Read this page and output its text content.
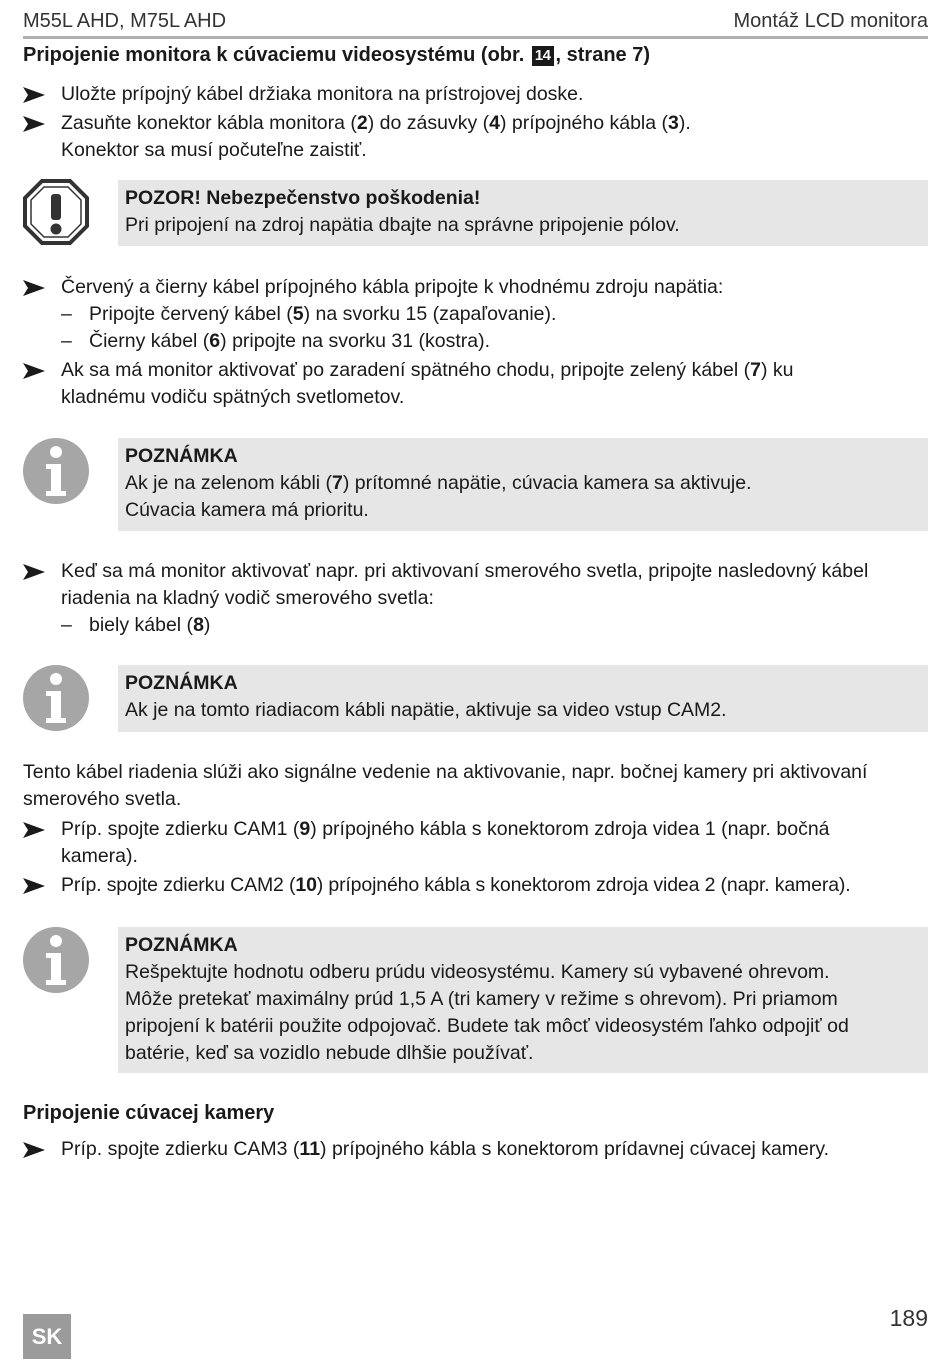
M55L AHD, M75L AHD	Montáž LCD monitora
Pripojenie monitora k cúvaciemu videosystému (obr. 14 , strane 7)
Uložte prípojný kábel držiaka monitora na prístrojovej doske.
Zasuňte konektor kábla monitora (2) do zásuvky (4) prípojného kábla (3).
Konektor sa musí počuteľne zaistiť.
POZOR! Nebezpečenstvo poškodenia!
Pri pripojení na zdroj napätia dbajte na správne pripojenie pólov.
Červený a čierny kábel prípojného kábla pripojte k vhodnému zdroju napätia:
– Pripojte červený kábel (5) na svorku 15 (zapaľovanie).
– Čierny kábel (6) pripojte na svorku 31 (kostra).
Ak sa má monitor aktivovať po zaradení spätného chodu, pripojte zelený kábel (7) ku
kladnému vodiču spätných svetlometov.
POZNÁMKA
Ak je na zelenom kábli (7) prítomné napätie, cúvacia kamera sa aktivuje.
Cúvacia kamera má prioritu.
Keď sa má monitor aktivovať napr. pri aktivovaní smerového svetla, pripojte nasledovný kábel
riadenia na kladný vodič smerového svetla:
– biely kábel (8)
POZNÁMKA
Ak je na tomto riadiacom kábli napätie, aktivuje sa video vstup CAM2.
Tento kábel riadenia slúži ako signálne vedenie na aktivovanie, napr. bočnej kamery pri aktivovaní
smerového svetla.
Príp. spojte zdierku CAM1 (9) prípojného kábla s konektorom zdroja videa 1 (napr. bočná
kamera).
Príp. spojte zdierku CAM2 (10) prípojného kábla s konektorom zdroja videa 2 (napr. kamera).
POZNÁMKA
Rešpektujte hodnotu odberu prúdu videosystému. Kamery sú vybavené ohrevom.
Môže pretekať maximálny prúd 1,5 A (tri kamery v režime s ohrevom). Pri priamom
pripojení k batérii použite odpojovač. Budete tak môcť videosystém ľahko odpojiť od
batérie, keď sa vozidlo nebude dlhšie používať.
Pripojenie cúvacej kamery
Príp. spojte zdierku CAM3 (11) prípojného kábla s konektorom prídavnej cúvacej kamery.
SK
189
